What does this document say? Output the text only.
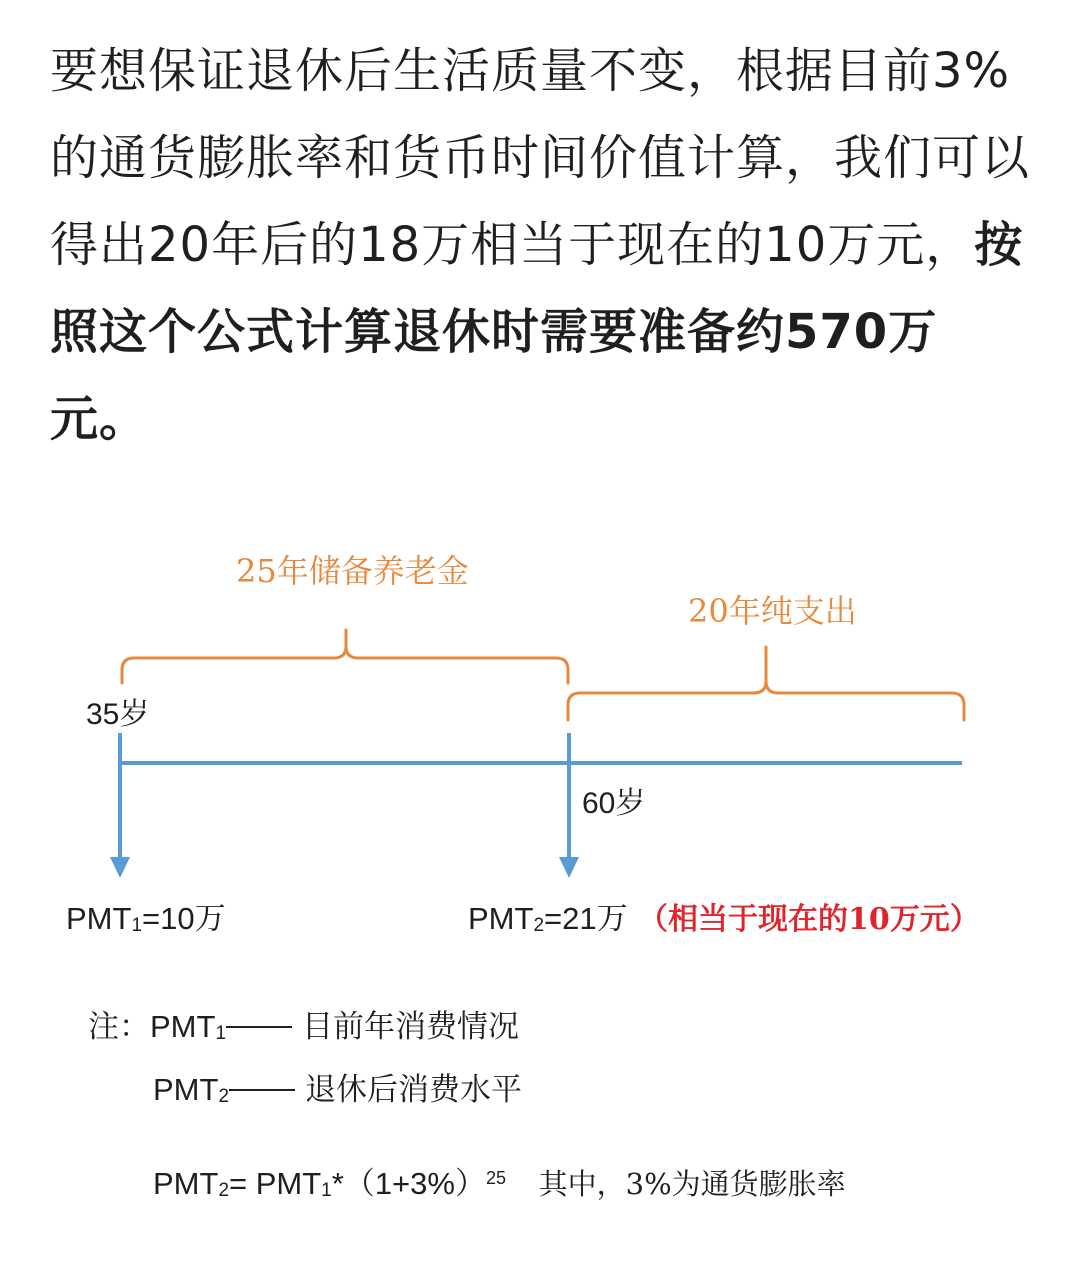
要想保证退休后生活质量不变，根据目前3%的通货膨胀率和货币时间价值计算，我们可以得出20年后的18万相当于现在的10万元，按照这个公式计算退休时需要准备约570万元。
25年储备养老金
20年纯支出
35岁
60岁
PMT1=10万	PMT2=21万 （相当于现在的10万元）
注：$PMT_1$ 目前年消费情况
$PMT_2$ 退休后消费水平
$PMT_2= PMT_1*(1+3\%)^{25}$ 其中，3%为通货膨胀率
